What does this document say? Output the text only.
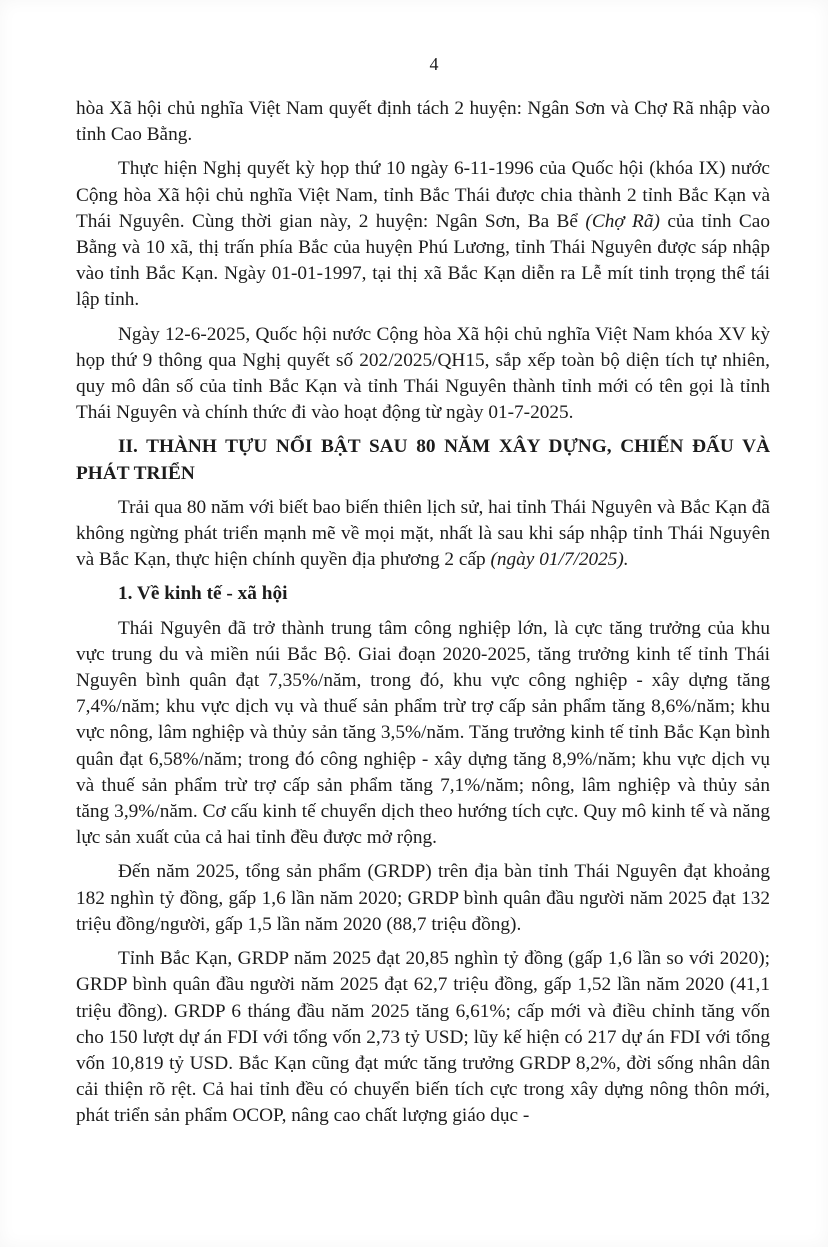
4

hòa Xã hội chủ nghĩa Việt Nam quyết định tách 2 huyện: Ngân Sơn và Chợ Rã nhập vào tỉnh Cao Bằng.

Thực hiện Nghị quyết kỳ họp thứ 10 ngày 6-11-1996 của Quốc hội (khóa IX) nước Cộng hòa Xã hội chủ nghĩa Việt Nam, tỉnh Bắc Thái được chia thành 2 tỉnh Bắc Kạn và Thái Nguyên. Cùng thời gian này, 2 huyện: Ngân Sơn, Ba Bể (Chợ Rã) của tỉnh Cao Bằng và 10 xã, thị trấn phía Bắc của huyện Phú Lương, tỉnh Thái Nguyên được sáp nhập vào tỉnh Bắc Kạn. Ngày 01-01-1997, tại thị xã Bắc Kạn diễn ra Lễ mít tinh trọng thể tái lập tỉnh.

Ngày 12-6-2025, Quốc hội nước Cộng hòa Xã hội chủ nghĩa Việt Nam khóa XV kỳ họp thứ 9 thông qua Nghị quyết số 202/2025/QH15, sắp xếp toàn bộ diện tích tự nhiên, quy mô dân số của tỉnh Bắc Kạn và tỉnh Thái Nguyên thành tỉnh mới có tên gọi là tỉnh Thái Nguyên và chính thức đi vào hoạt động từ ngày 01-7-2025.

II. THÀNH TỰU NỔI BẬT SAU 80 NĂM XÂY DỰNG, CHIẾN ĐẤU VÀ PHÁT TRIỂN

Trải qua 80 năm với biết bao biến thiên lịch sử, hai tỉnh Thái Nguyên và Bắc Kạn đã không ngừng phát triển mạnh mẽ về mọi mặt, nhất là sau khi sáp nhập tỉnh Thái Nguyên và Bắc Kạn, thực hiện chính quyền địa phương 2 cấp (ngày 01/7/2025).

1. Về kinh tế - xã hội

Thái Nguyên đã trở thành trung tâm công nghiệp lớn, là cực tăng trưởng của khu vực trung du và miền núi Bắc Bộ. Giai đoạn 2020-2025, tăng trưởng kinh tế tỉnh Thái Nguyên bình quân đạt 7,35%/năm, trong đó, khu vực công nghiệp - xây dựng tăng 7,4%/năm; khu vực dịch vụ và thuế sản phẩm trừ trợ cấp sản phẩm tăng 8,6%/năm; khu vực nông, lâm nghiệp và thủy sản tăng 3,5%/năm. Tăng trưởng kinh tế tỉnh Bắc Kạn bình quân đạt 6,58%/năm; trong đó công nghiệp - xây dựng tăng 8,9%/năm; khu vực dịch vụ và thuế sản phẩm trừ trợ cấp sản phẩm tăng 7,1%/năm; nông, lâm nghiệp và thủy sản tăng 3,9%/năm. Cơ cấu kinh tế chuyển dịch theo hướng tích cực. Quy mô kinh tế và năng lực sản xuất của cả hai tỉnh đều được mở rộng.

Đến năm 2025, tổng sản phẩm (GRDP) trên địa bàn tỉnh Thái Nguyên đạt khoảng 182 nghìn tỷ đồng, gấp 1,6 lần năm 2020; GRDP bình quân đầu người năm 2025 đạt 132 triệu đồng/người, gấp 1,5 lần năm 2020 (88,7 triệu đồng).

Tỉnh Bắc Kạn, GRDP năm 2025 đạt 20,85 nghìn tỷ đồng (gấp 1,6 lần so với 2020); GRDP bình quân đầu người năm 2025 đạt 62,7 triệu đồng, gấp 1,52 lần năm 2020 (41,1 triệu đồng). GRDP 6 tháng đầu năm 2025 tăng 6,61%; cấp mới và điều chỉnh tăng vốn cho 150 lượt dự án FDI với tổng vốn 2,73 tỷ USD; lũy kế hiện có 217 dự án FDI với tổng vốn 10,819 tỷ USD. Bắc Kạn cũng đạt mức tăng trưởng GRDP 8,2%, đời sống nhân dân cải thiện rõ rệt. Cả hai tỉnh đều có chuyển biến tích cực trong xây dựng nông thôn mới, phát triển sản phẩm OCOP, nâng cao chất lượng giáo dục -
